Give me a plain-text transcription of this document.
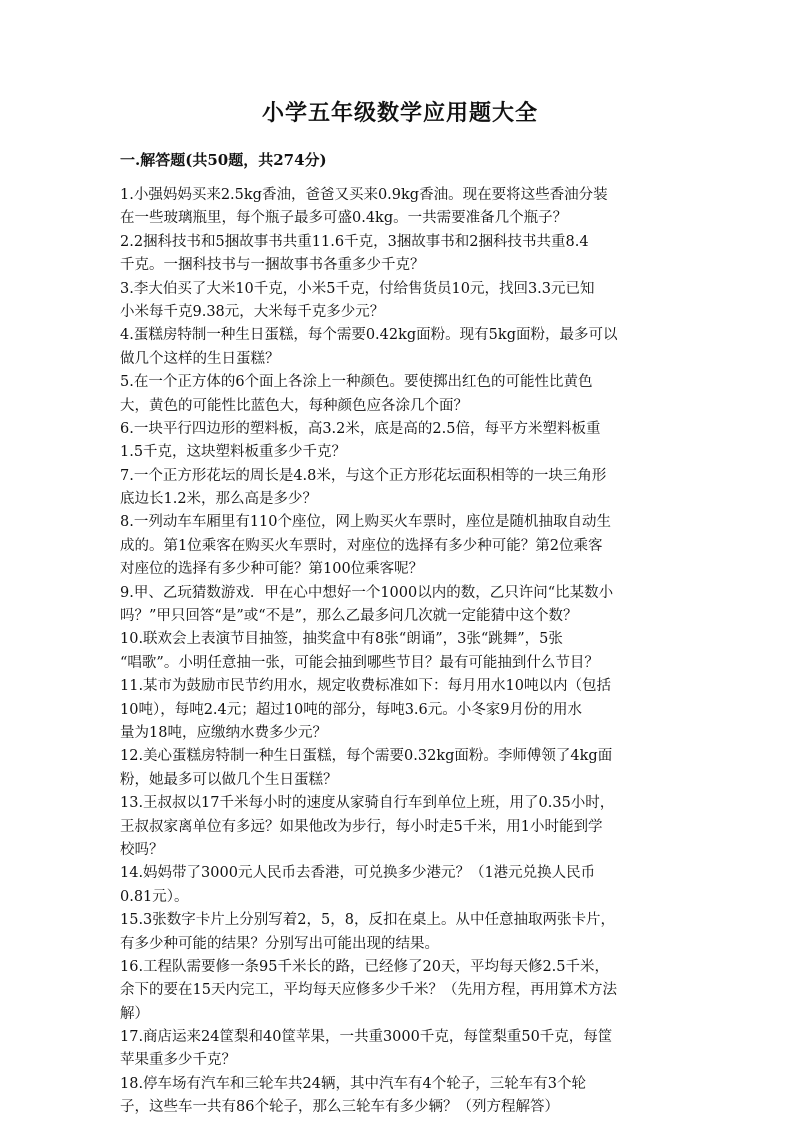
小学五年级数学应用题大全
一.解答题(共50题，共274分)
1.小强妈妈买来2.5kg香油，爸爸又买来0.9kg香油。现在要将这些香油分装
在一些玻璃瓶里，每个瓶子最多可盛0.4kg。一共需要准备几个瓶子？
2.2捆科技书和5捆故事书共重11.6千克，3捆故事书和2捆科技书共重8.4
千克。一捆科技书与一捆故事书各重多少千克？
3.李大伯买了大米10千克，小米5千克，付给售货员10元，找回3.3元已知
小米每千克9.38元，大米每千克多少元？
4.蛋糕房特制一种生日蛋糕，每个需要0.42kg面粉。现有5kg面粉，最多可以
做几个这样的生日蛋糕？
5.在一个正方体的6个面上各涂上一种颜色。要使掷出红色的可能性比黄色
大，黄色的可能性比蓝色大，每种颜色应各涂几个面？
6.一块平行四边形的塑料板，高3.2米，底是高的2.5倍，每平方米塑料板重
1.5千克，这块塑料板重多少千克？
7.一个正方形花坛的周长是4.8米，与这个正方形花坛面积相等的一块三角形
底边长1.2米，那么高是多少？
8.一列动车车厢里有110个座位，网上购买火车票时，座位是随机抽取自动生
成的。第1位乘客在购买火车票时，对座位的选择有多少种可能？第2位乘客
对座位的选择有多少种可能？第100位乘客呢？
9.甲、乙玩猜数游戏．甲在心中想好一个1000以内的数，乙只许问“比某数小
吗？”甲只回答“是”或“不是”，那么乙最多问几次就一定能猜中这个数？
10.联欢会上表演节目抽签，抽奖盒中有8张“朗诵”，3张“跳舞”，5张
“唱歌”。小明任意抽一张，可能会抽到哪些节目？最有可能抽到什么节目？
11.某市为鼓励市民节约用水，规定收费标准如下：每月用水10吨以内（包括
10吨），每吨2.4元；超过10吨的部分，每吨3.6元。小冬家9月份的用水
量为18吨，应缴纳水费多少元？
12.美心蛋糕房特制一种生日蛋糕，每个需要0.32kg面粉。李师傅领了4kg面
粉，她最多可以做几个生日蛋糕？
13.王叔叔以17千米每小时的速度从家骑自行车到单位上班，用了0.35小时，
王叔叔家离单位有多远？如果他改为步行，每小时走5千米，用1小时能到学
校吗？
14.妈妈带了3000元人民币去香港，可兑换多少港元？（1港元兑换人民币
0.81元）。
15.3张数字卡片上分别写着2，5，8，反扣在桌上。从中任意抽取两张卡片，
有多少种可能的结果？分别写出可能出现的结果。
16.工程队需要修一条95千米长的路，已经修了20天，平均每天修2.5千米，
余下的要在15天内完工，平均每天应修多少千米？（先用方程，再用算术方法
解）
17.商店运来24筐梨和40筐苹果，一共重3000千克，每筐梨重50千克，每筐
苹果重多少千克？
18.停车场有汽车和三轮车共24辆，其中汽车有4个轮子，三轮车有3个轮
子，这些车一共有86个轮子，那么三轮车有多少辆？（列方程解答）
